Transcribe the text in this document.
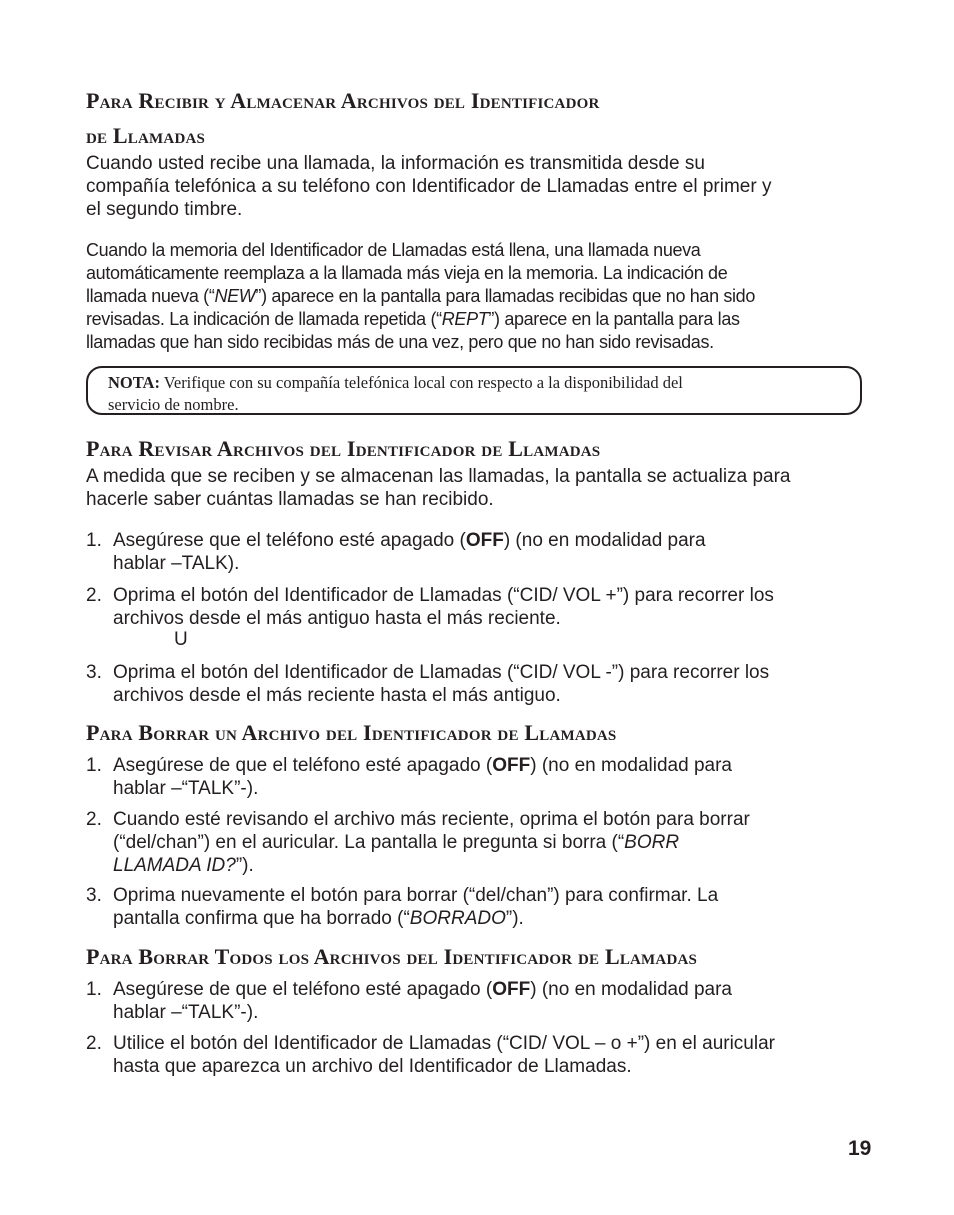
Para Recibir y Almacenar Archivos del Identificador
de Llamadas
Cuando usted recibe una llamada, la información es transmitida desde su
compañía telefónica a su teléfono con Identificador de Llamadas entre el primer y
el segundo timbre.
Cuando la memoria del Identificador de Llamadas está llena, una llamada nueva
automáticamente reemplaza a la llamada más vieja en la memoria. La indicación de
llamada nueva (“NEW”) aparece en la pantalla para llamadas recibidas que no han sido
revisadas. La indicación de llamada repetida (“REPT”) aparece en la pantalla para las
llamadas que han sido recibidas más de una vez, pero que no han sido revisadas.
NOTA: Verifique con su compañía telefónica local con respecto a la disponibilidad del
servicio de nombre.
Para Revisar Archivos del Identificador de Llamadas
A medida que se reciben y se almacenan las llamadas, la pantalla se actualiza para
hacerle saber cuántas llamadas se han recibido.
1. Asegúrese que el teléfono esté apagado (OFF) (no en modalidad para
hablar –TALK).
2. Oprima el botón del Identificador de Llamadas (“CID/ VOL +”) para recorrer los
archivos desde el más antiguo hasta el más reciente.
U
3. Oprima el botón del Identificador de Llamadas (“CID/ VOL -”) para recorrer los
archivos desde el más reciente hasta el más antiguo.
Para Borrar un Archivo del Identificador de Llamadas
1. Asegúrese de que el teléfono esté apagado (OFF) (no en modalidad para
hablar –“TALK”-).
2. Cuando esté revisando el archivo más reciente, oprima el botón para borrar
(“del/chan”) en el auricular. La pantalla le pregunta si borra (“BORR
LLAMADA ID?”).
3. Oprima nuevamente el botón para borrar (“del/chan”) para confirmar. La
pantalla confirma que ha borrado (“BORRADO”).
Para Borrar Todos los Archivos del Identificador de Llamadas
1. Asegúrese de que el teléfono esté apagado (OFF) (no en modalidad para
hablar –“TALK”-).
2. Utilice el botón del Identificador de Llamadas (“CID/ VOL – o +”) en el auricular
hasta que aparezca un archivo del Identificador de Llamadas.
19
